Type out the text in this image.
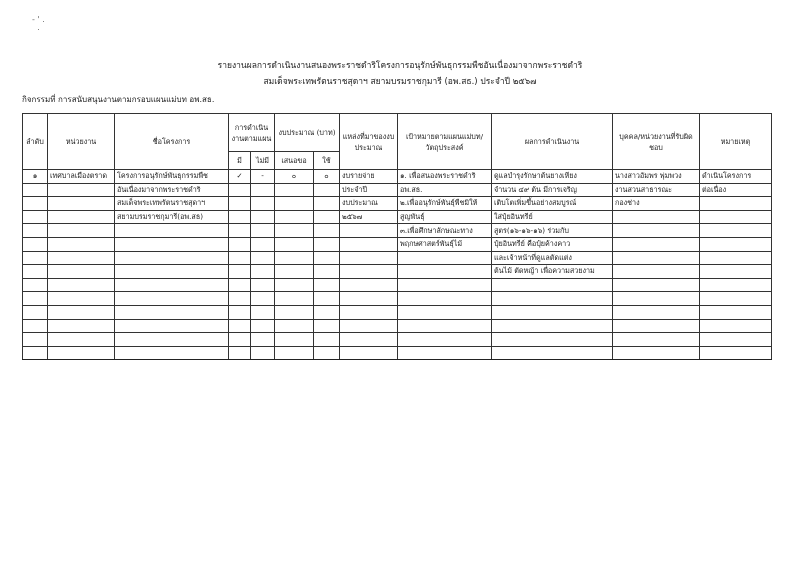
- ' .
.
รายงานผลการดำเนินงานสนองพระราชดำริโครงการอนุรักษ์พันธุกรรมพืชอันเนื่องมาจากพระราชดำริ
สมเด็จพระเทพรัตนราชสุดาฯ สยามบรมราชกุมารี (อพ.สธ.) ประจำปี ๒๕๖๗
กิจกรรมที่ การสนับสนุนงานตามกรอบแผนแม่บท อพ.สธ.
ลำดับ	หน่วยงาน	ชื่อโครงการ	การดำเนินงานตามแผน		งบประมาณ (บาท)		แหล่งที่มาของงบประมาณ	เป้าหมายตามแผนแม่บท/วัตถุประสงค์	ผลการดำเนินงาน	บุคคล/หน่วยงานที่รับผิดชอบ	หมายเหตุ
			มี	ไม่มี	เสนอขอ	ใช้					
๑	เทศบาลเมืองตราด	โครงการอนุรักษ์พันธุกรรมพืช	✓	-	๐	๐	งบรายจ่าย	๑. เพื่อสนองพระราชดำริ	ดูแลบำรุงรักษาต้นยางเหียง	นางสาวอัมพร พุ่มพวง	ดำเนินโครงการ
		อันเนื่องมาจากพระราชดำริ					ประจำปี	อพ.สธ.	จำนวน ๔๙ ต้น มีการเจริญ	งานสวนสาธารณะ	ต่อเนื่อง
		สมเด็จพระเทพรัตนราชสุดาฯ					งบประมาณ	๒.เพื่ออนุรักษ์พันธุ์พืชมิให้	เติบโตเพิ่มขึ้นอย่างสมบูรณ์	กองช่าง	
		สยามบรมราชกุมารี(อพ.สธ)					๒๕๖๗	สูญพันธุ์	ใส่ปุ๋ยอินทรีย์		
								๓.เพื่อศึกษาลักษณะทาง	สูตร(๑๖-๑๖-๑๖) ร่วมกับ		
								พฤกษศาสตร์พันธุ์ไม้	ปุ๋ยอินทรีย์ คือปุ๋ยค้างคาว		
									และเจ้าหน้าที่ดูแลตัดแต่ง		
									ต้นไม้ ตัดหญ้า เพื่อความสวยงาม		
